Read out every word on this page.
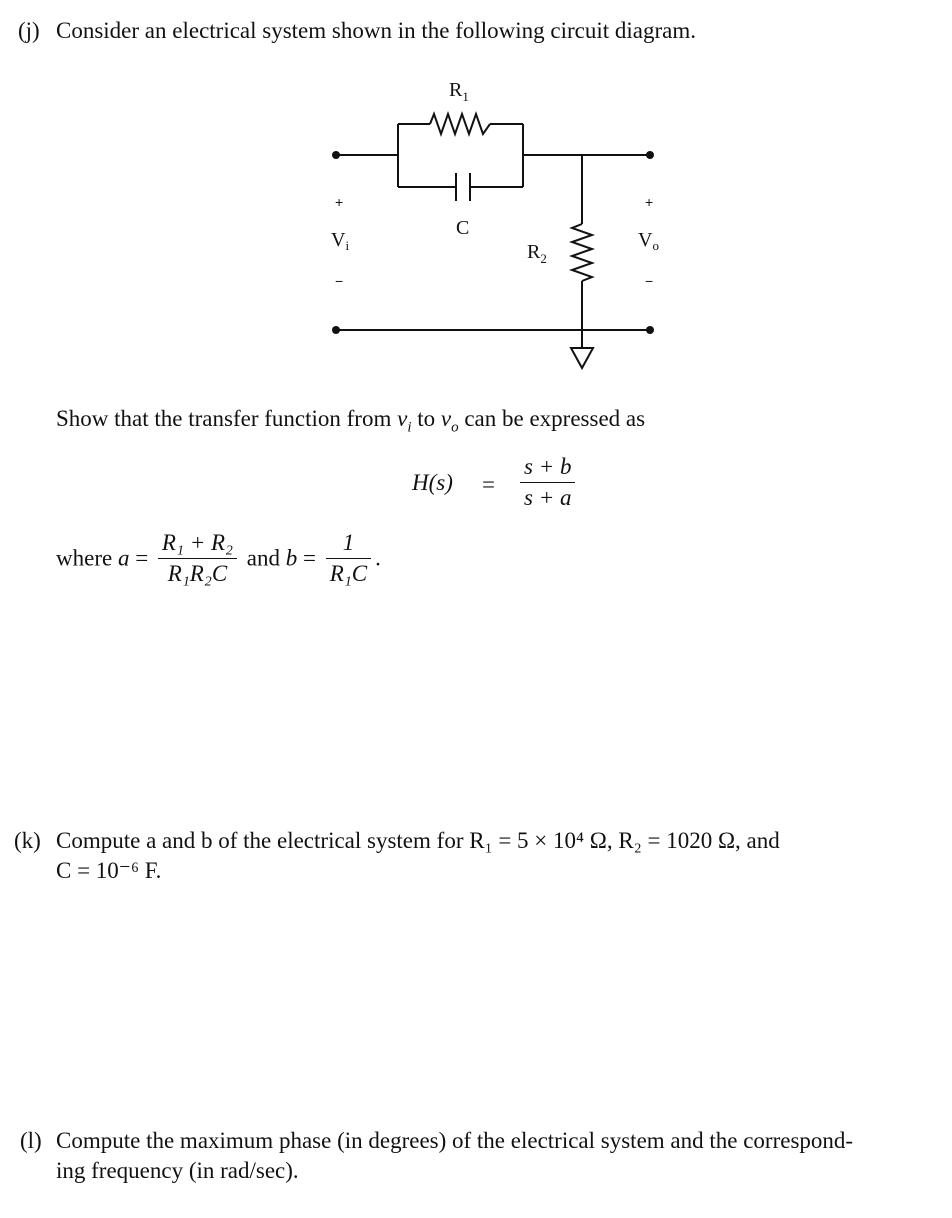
(j) Consider an electrical system shown in the following circuit diagram.
$R_1$
C
$R_2$
$V_i$	$V_o$
+	+
−	−
Show that the transfer function from $v_i$ to $v_o$ can be expressed as
$H(s) = \frac{s + b}{s + a}$
where $a = \frac{\text{R₁ + R₂}}{\text{R₁R₂C}}$ and $b = \frac{1}{\text{R₁C}}$ .
(k) Compute a and b of the electrical system for R₁ = 5 × 10⁴ Ω, R₂ = 1020 Ω, and
C = 10⁻⁶ F.
(l) Compute the maximum phase (in degrees) of the electrical system and the correspond-
ing frequency (in rad/sec).
